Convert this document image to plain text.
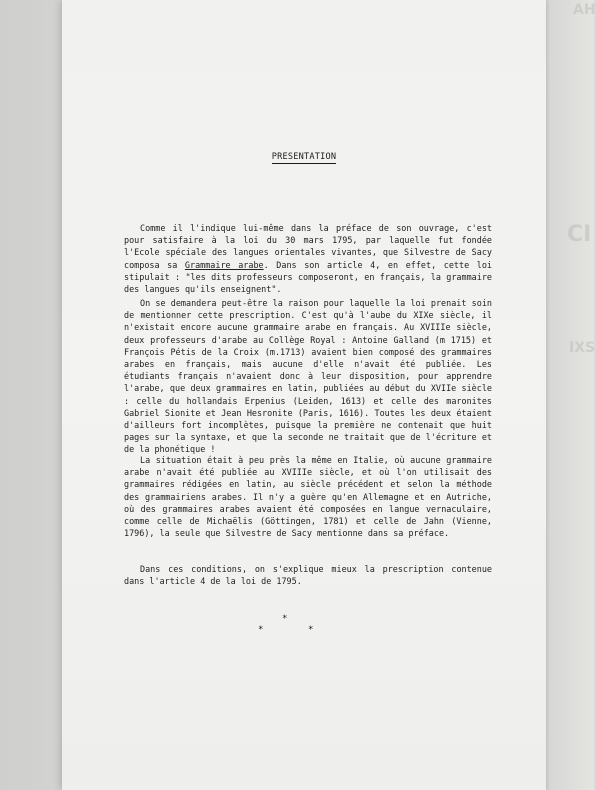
AH
CI
IXS
PRESENTATION

Comme il l'indique lui-même dans la préface de son ouvrage, c'est pour satisfaire à la loi du 30 mars 1795, par laquelle fut fondée l'Ecole spéciale des langues orientales vivantes, que Silvestre de Sacy composa sa Grammaire arabe. Dans son article 4, en effet, cette loi stipulait : "les dits professeurs composeront, en français, la grammaire des langues qu'ils enseignent".

On se demandera peut-être la raison pour laquelle la loi prenait soin de mentionner cette prescription. C'est qu'à l'aube du XIXe siècle, il n'existait encore aucune grammaire arabe en français. Au XVIIIe siècle, deux professeurs d'arabe au Collège Royal : Antoine Galland (m 1715) et François Pétis de la Croix (m.1713) avaient bien composé des grammaires arabes en français, mais aucune d'elle n'avait été publiée. Les étudiants français n'avaient donc à leur disposition, pour apprendre l'arabe, que deux grammaires en latin, publiées au début du XVIIe siècle : celle du hollandais Erpenius (Leiden, 1613) et celle des maronites Gabriel Sionite et Jean Hesronite (Paris, 1616). Toutes les deux étaient d'ailleurs fort incomplètes, puisque la première ne contenait que huit pages sur la syntaxe, et que la seconde ne traitait que de l'écriture et de la phonétique !

La situation était à peu près la même en Italie, où aucune grammaire arabe n'avait été publiée au XVIIIe siècle, et où l'on utilisait des grammaires rédigées en latin, au siècle précédent et selon la méthode des grammairiens arabes. Il n'y a guère qu'en Allemagne et en Autriche, où des grammaires arabes avaient été composées en langue vernaculaire, comme celle de Michaëlis (Göttingen, 1781) et celle de Jahn (Vienne, 1796), la seule que Silvestre de Sacy mentionne dans sa préface.

Dans ces conditions, on s'explique mieux la prescription contenue dans l'article 4 de la loi de 1795.

*
*	*
